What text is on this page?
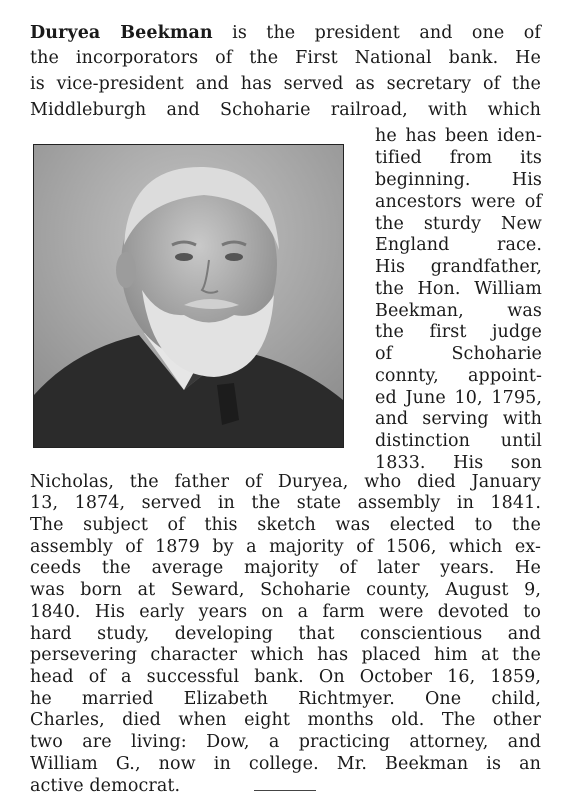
Duryea Beekman is the president and one of
the incorporators of the First National bank. He
is vice-president and has served as secretary of the
Middleburgh and Schoharie railroad, with which
he has been iden-
tified from its
beginning. His
ancestors were of
the sturdy New
England race.
His grandfather,
the Hon. William
Beekman, was
the first judge
of Schoharie
connty, appoint-
ed June 10, 1795,
and serving with
distinction until
1833. His son
Nicholas, the father of Duryea, who died January
13, 1874, served in the state assembly in 1841.
The subject of this sketch was elected to the
assembly of 1879 by a majority of 1506, which ex-
ceeds the average majority of later years. He
was born at Seward, Schoharie county, August 9,
1840. His early years on a farm were devoted to
hard study, developing that conscientious and
persevering character which has placed him at the
head of a successful bank. On October 16, 1859,
he married Elizabeth Richtmyer. One child,
Charles, died when eight months old. The other
two are living: Dow, a practicing attorney, and
William G., now in college. Mr. Beekman is an
active democrat.
